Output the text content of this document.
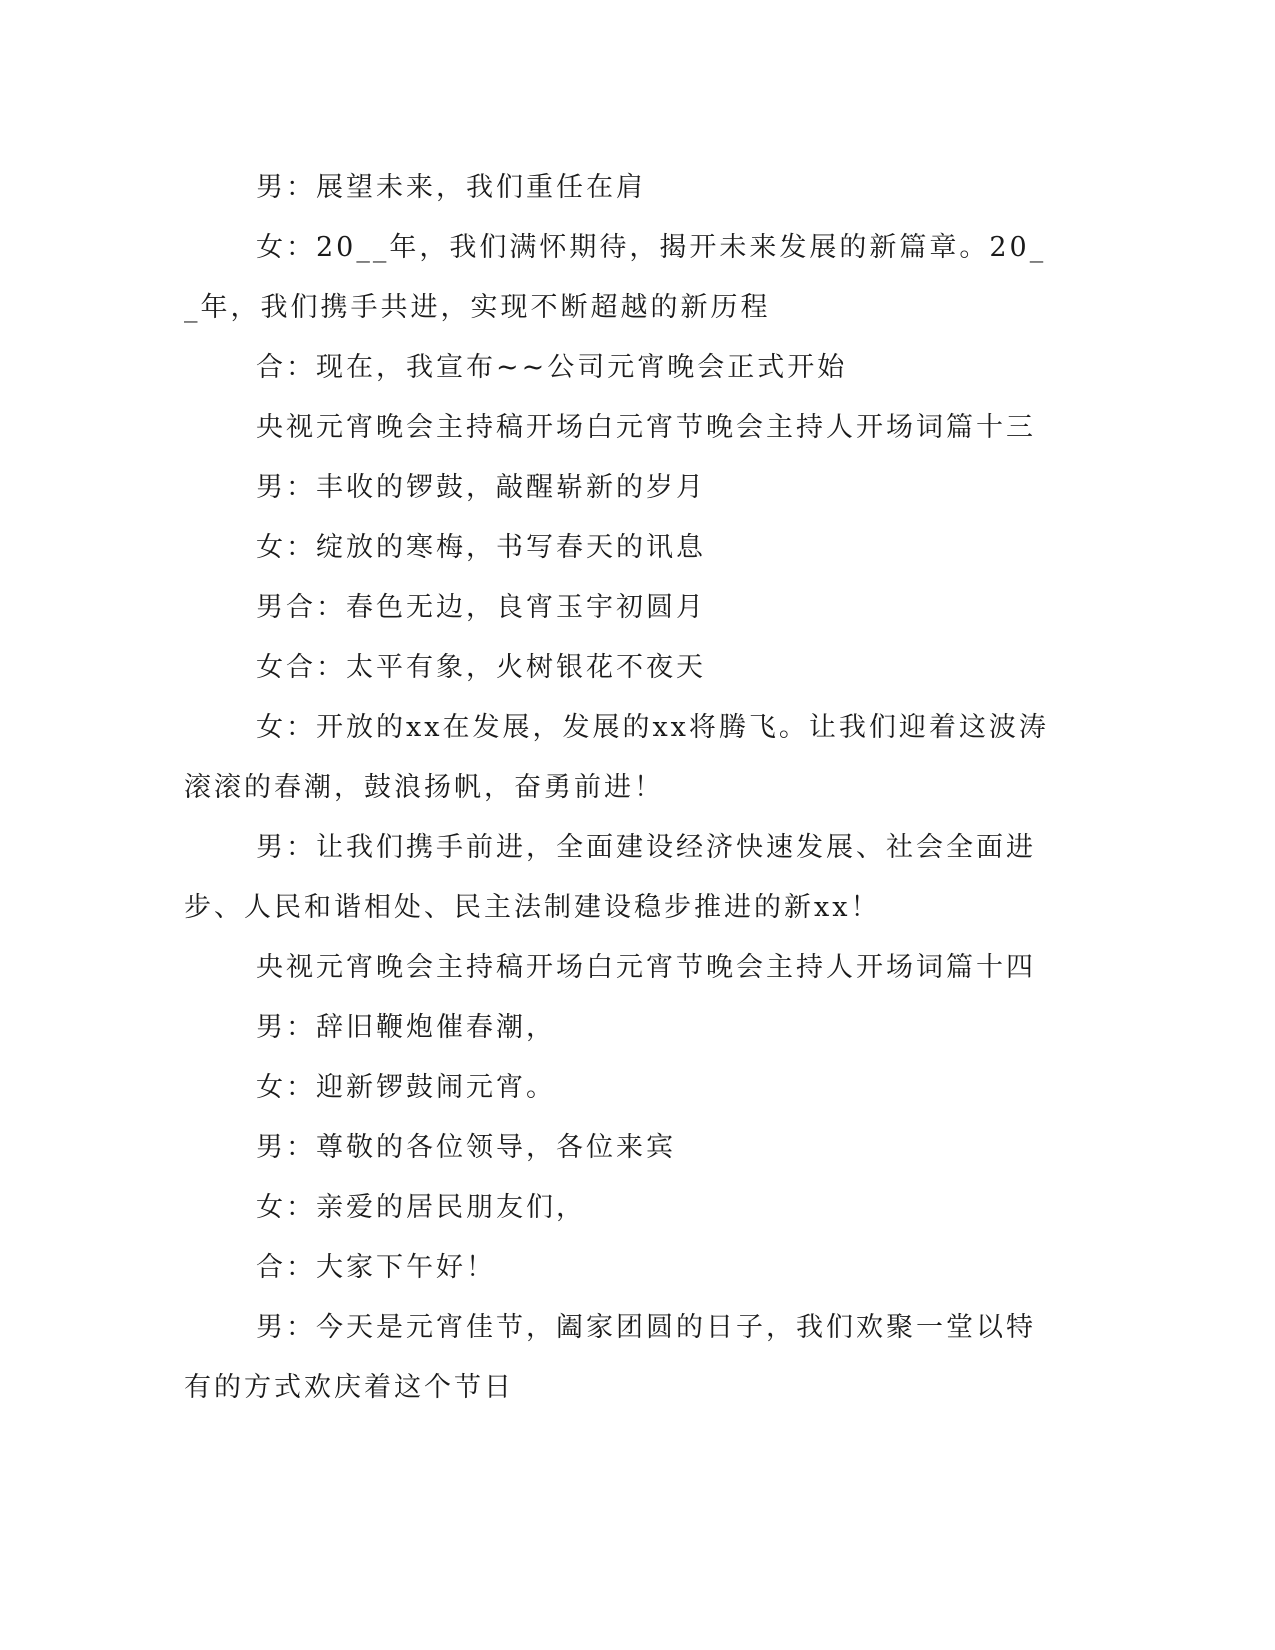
男：展望未来，我们重任在肩

女：20__年，我们满怀期待，揭开未来发展的新篇章。20__年，我们携手共进，实现不断超越的新历程

合：现在，我宣布~~公司元宵晚会正式开始

央视元宵晚会主持稿开场白元宵节晚会主持人开场词篇十三

男：丰收的锣鼓，敲醒崭新的岁月

女：绽放的寒梅，书写春天的讯息

男合：春色无边，良宵玉宇初圆月

女合：太平有象，火树银花不夜天

女：开放的xx在发展，发展的xx将腾飞。让我们迎着这波涛滚滚的春潮，鼓浪扬帆，奋勇前进！

男：让我们携手前进，全面建设经济快速发展、社会全面进步、人民和谐相处、民主法制建设稳步推进的新xx！

央视元宵晚会主持稿开场白元宵节晚会主持人开场词篇十四

男：辞旧鞭炮催春潮，

女：迎新锣鼓闹元宵。

男：尊敬的各位领导，各位来宾

女：亲爱的居民朋友们，

合：大家下午好！

男：今天是元宵佳节，阖家团圆的日子，我们欢聚一堂以特有的方式欢庆着这个节日
